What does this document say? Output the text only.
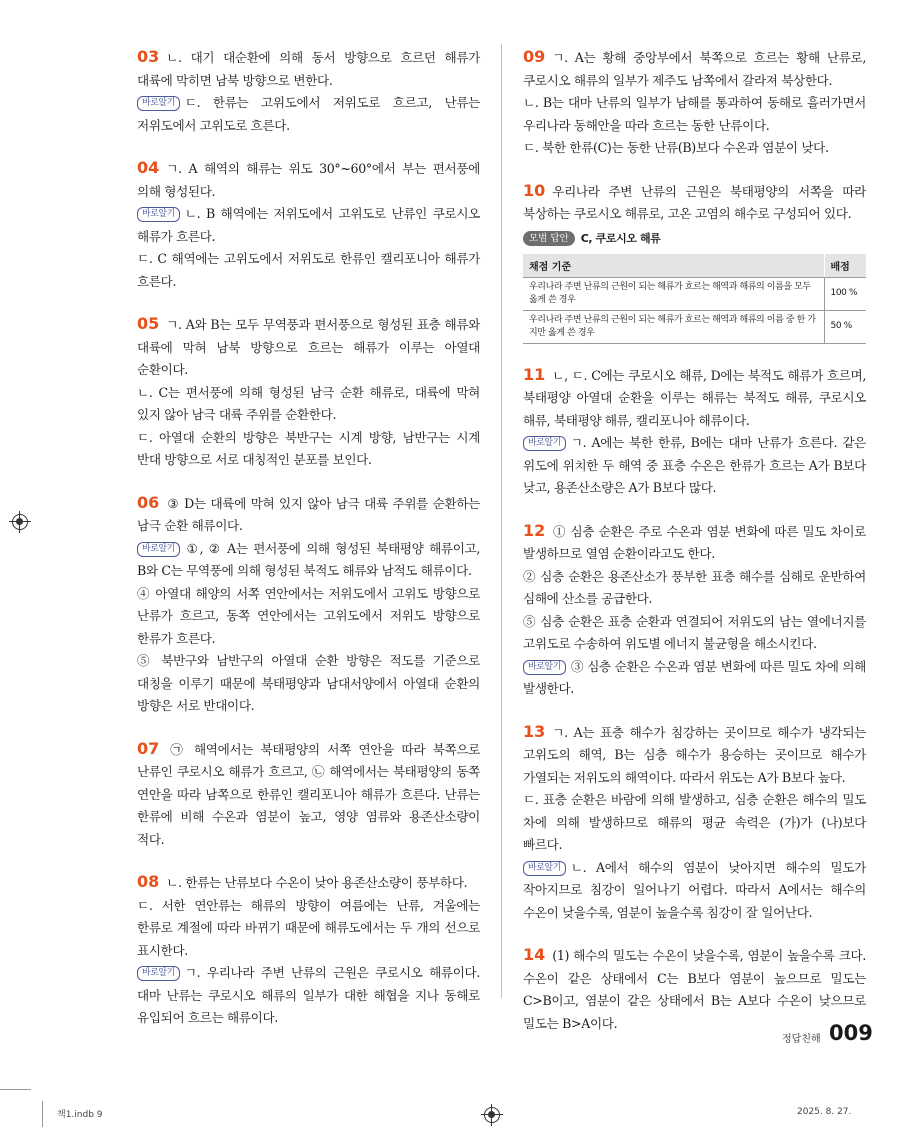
03 ㄴ. 대기 대순환에 의해 동서 방향으로 흐르던 해류가 대륙에 막히면 남북 방향으로 변한다.

바로알기 ㄷ. 한류는 고위도에서 저위도로 흐르고, 난류는 저위도에서 고위도로 흐른다.

04 ㄱ. A 해역의 해류는 위도 30°~60°에서 부는 편서풍에 의해 형성된다.

바로알기 ㄴ. B 해역에는 저위도에서 고위도로 난류인 쿠로시오 해류가 흐른다.

ㄷ. C 해역에는 고위도에서 저위도로 한류인 캘리포니아 해류가 흐른다.

05 ㄱ. A와 B는 모두 무역풍과 편서풍으로 형성된 표층 해류와 대륙에 막혀 남북 방향으로 흐르는 해류가 이루는 아열대 순환이다.

ㄴ. C는 편서풍에 의해 형성된 남극 순환 해류로, 대륙에 막혀 있지 않아 남극 대륙 주위를 순환한다.

ㄷ. 아열대 순환의 방향은 북반구는 시계 방향, 남반구는 시계 반대 방향으로 서로 대칭적인 분포를 보인다.

06 ③ D는 대륙에 막혀 있지 않아 남극 대륙 주위를 순환하는 남극 순환 해류이다.

바로알기 ①, ② A는 편서풍에 의해 형성된 북태평양 해류이고, B와 C는 무역풍에 의해 형성된 북적도 해류와 남적도 해류이다.

④ 아열대 해양의 서쪽 연안에서는 저위도에서 고위도 방향으로 난류가 흐르고, 동쪽 연안에서는 고위도에서 저위도 방향으로 한류가 흐른다.

⑤ 북반구와 남반구의 아열대 순환 방향은 적도를 기준으로 대칭을 이루기 때문에 북태평양과 남대서양에서 아열대 순환의 방향은 서로 반대이다.

07 ㉠ 해역에서는 북태평양의 서쪽 연안을 따라 북쪽으로 난류인 쿠로시오 해류가 흐르고, ㉡ 해역에서는 북태평양의 동쪽 연안을 따라 남쪽으로 한류인 캘리포니아 해류가 흐른다. 난류는 한류에 비해 수온과 염분이 높고, 영양 염류와 용존산소량이 적다.

08 ㄴ. 한류는 난류보다 수온이 낮아 용존산소량이 풍부하다.

ㄷ. 서한 연안류는 해류의 방향이 여름에는 난류, 겨울에는 한류로 계절에 따라 바뀌기 때문에 해류도에서는 두 개의 선으로 표시한다.

바로알기 ㄱ. 우리나라 주변 난류의 근원은 쿠로시오 해류이다. 대마 난류는 쿠로시오 해류의 일부가 대한 해협을 지나 동해로 유입되어 흐르는 해류이다.

09 ㄱ. A는 황해 중앙부에서 북쪽으로 흐르는 황해 난류로, 쿠로시오 해류의 일부가 제주도 남쪽에서 갈라져 북상한다.

ㄴ. B는 대마 난류의 일부가 남해를 통과하여 동해로 흘러가면서 우리나라 동해안을 따라 흐르는 동한 난류이다.

ㄷ. 북한 한류(C)는 동한 난류(B)보다 수온과 염분이 낮다.

10 우리나라 주변 난류의 근원은 북태평양의 서쪽을 따라 북상하는 쿠로시오 해류로, 고온 고염의 해수로 구성되어 있다.

모범 답안 C, 쿠로시오 해류
채점 기준	배점
우리나라 주변 난류의 근원이 되는 해류가 흐르는 해역과 해류의 이름을 모두 옳게 쓴 경우	100 %
우리나라 주변 난류의 근원이 되는 해류가 흐르는 해역과 해류의 이름 중 한 가지만 옳게 쓴 경우	50 %

11 ㄴ, ㄷ. C에는 쿠로시오 해류, D에는 북적도 해류가 흐르며, 북태평양 아열대 순환을 이루는 해류는 북적도 해류, 쿠로시오 해류, 북태평양 해류, 캘리포니아 해류이다.

바로알기 ㄱ. A에는 북한 한류, B에는 대마 난류가 흐른다. 같은 위도에 위치한 두 해역 중 표층 수온은 한류가 흐르는 A가 B보다 낮고, 용존산소량은 A가 B보다 많다.

12 ① 심층 순환은 주로 수온과 염분 변화에 따른 밀도 차이로 발생하므로 열염 순환이라고도 한다.

② 심층 순환은 용존산소가 풍부한 표층 해수를 심해로 운반하여 심해에 산소를 공급한다.

⑤ 심층 순환은 표층 순환과 연결되어 저위도의 남는 열에너지를 고위도로 수송하여 위도별 에너지 불균형을 해소시킨다.

바로알기 ③ 심층 순환은 수온과 염분 변화에 따른 밀도 차에 의해 발생한다.

13 ㄱ. A는 표층 해수가 침강하는 곳이므로 해수가 냉각되는 고위도의 해역, B는 심층 해수가 용승하는 곳이므로 해수가 가열되는 저위도의 해역이다. 따라서 위도는 A가 B보다 높다.

ㄷ. 표층 순환은 바람에 의해 발생하고, 심층 순환은 해수의 밀도 차에 의해 발생하므로 해류의 평균 속력은 (가)가 (나)보다 빠르다.

바로알기 ㄴ. A에서 해수의 염분이 낮아지면 해수의 밀도가 작아지므로 침강이 일어나기 어렵다. 따라서 A에서는 해수의 수온이 낮을수록, 염분이 높을수록 침강이 잘 일어난다.

14 (1) 해수의 밀도는 수온이 낮을수록, 염분이 높을수록 크다. 수온이 같은 상태에서 C는 B보다 염분이 높으므로 밀도는 C>B이고, 염분이 같은 상태에서 B는 A보다 수온이 낮으므로 밀도는 B>A이다.

정답친해 009
책1.indb 9	2025. 8. 27.
